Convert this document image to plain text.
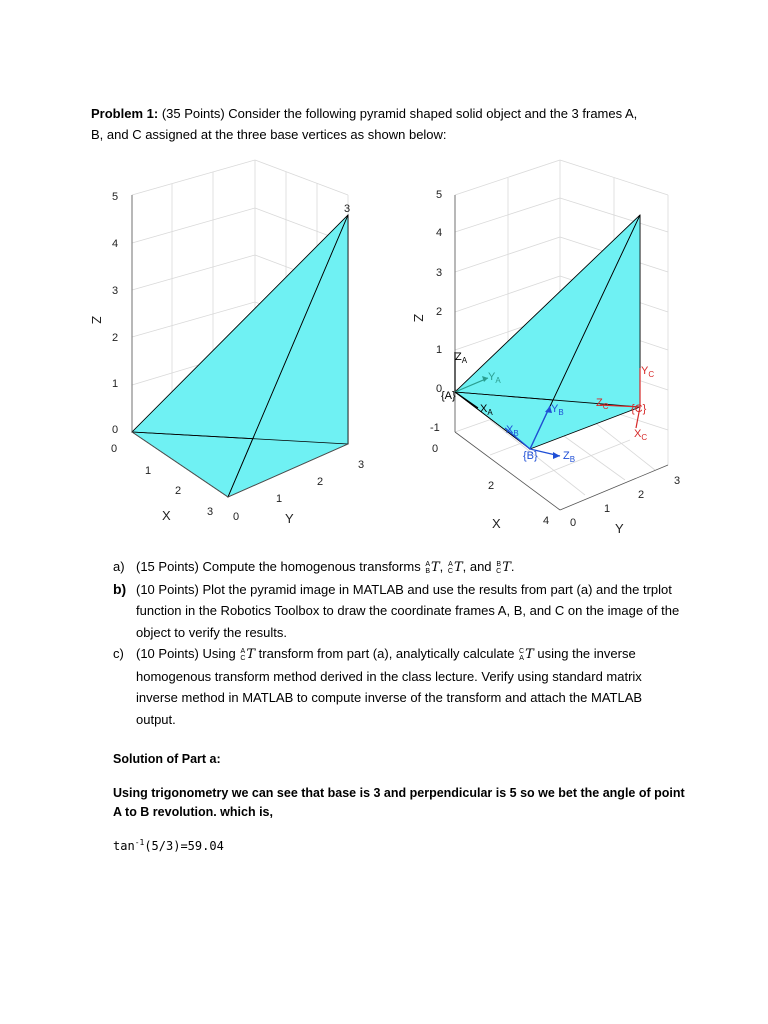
Problem 1: (35 Points) Consider the following pyramid shaped solid object and the 3 frames A,
B, and C assigned at the three base vertices as shown below:
5
4
3
2
1
0
Z
0
1
2
3
X	0
1
2
3
Y
3
5
4
3
2
1
0
-1
Z
0
2
4
X	0
1
2
3
Y
$Z_A$
$Y_A$
$X_A$
{A}
$Y_B$
$Z_B$
$X_B$
{B}
$Y_C$
$Z_C$
$X_C$
{C}
a) (15 Points) Compute the homogenous transforms A
B T, A
C T, and B
C T.
b) (10 Points) Plot the pyramid image in MATLAB and use the results from part (a) and the trplot function in the Robotics Toolbox to draw the coordinate frames A, B, and C on the image of the object to verify the results.
c) (10 Points) Using A
C T transform from part (a), analytically calculate C
A T using the inverse homogenous transform method derived in the class lecture. Verify using standard matrix inverse method in MATLAB to compute inverse of the transform and attach the MATLAB output.
Solution of Part a:
Using trigonometry we can see that base is 3 and perpendicular is 5 so we bet the angle of point A to B revolution. which is,
$\tan^{-1}(5/3)=59.04$
